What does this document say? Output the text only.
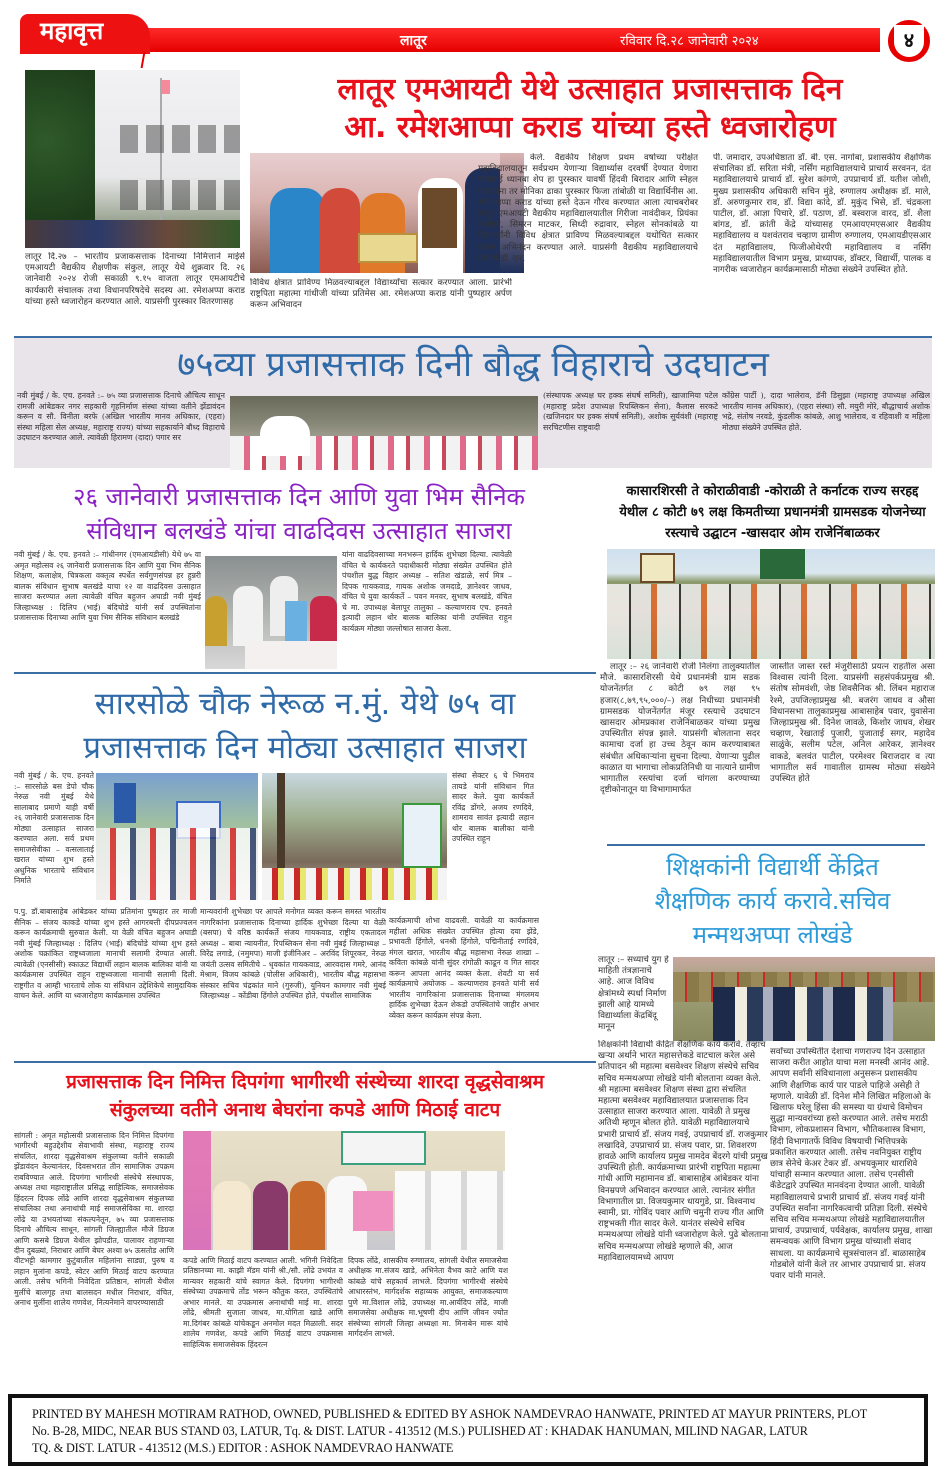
महावृत्त	लातूर	रविवार दि.२८ जानेवारी २०२४	४
लातूर एमआयटी येथे उत्साहात प्रजासत्ताक दिन
आ. रमेशआप्पा कराड यांच्या हस्ते ध्वजारोहण
लातूर दि.२७ – भारतीय प्रजाकसत्ताक दिनाच्या निमित्ताने माईर्स एमआयटी वैद्यकीय शैक्षणीक संकुल, लातूर येथे शुक्रवार दि. २६ जानेवारी २०२४ रोजी सकाळी ९.१५ वाजता लातूर एमआयटीचे कार्यकारी संचालक तथा विधानपरिषदेचे सदस्य आ. रमेशअप्पा कराड यांच्या हस्ते ध्वजारोहन करण्यात आले. याप्रसंगी पुरस्कार वितरणासह
विविध क्षेत्रात प्राविण्य मिळवल्याबद्दल विद्यार्थ्यांचा सत्कार करण्यात आला. प्रारंभी राष्ट्रपिता महात्मा गांधीजी यांच्या प्रतिमेस आ. रमेशअप्पा कराड यांनी पुष्पहार अर्पण करून अभिवादन
केले. वैद्यकीय शिक्षण प्रथम वर्षाच्या परीक्षेत महाविद्यालयातून सर्वप्रथम येणाऱ्या विद्यार्थ्यास दरवर्षी देण्यात येणारा जनाबाई ध्यानबा शेप हा पुरस्कार यावर्षी हिंदवी बिरादार आणि स्नेहल फड यांना तर मोनिका ढाका पुरस्कार फिजा तांबोळी या विद्यार्थिनीस आ. रमेशआप्पा कराड यांच्या हस्ते देऊन गौरव करण्यात आला त्याचबरोबर लातूर एमआयटी वैद्यकीय महाविद्यालयातील गिरीजा नावंदीकर, प्रियंका मल्होत्रा, सिमरन माटकर, सिध्दी रुद्रावार, स्नेहल सोनकांबळे या विद्यार्थ्यांनी विविध क्षेत्रात प्राविण्य मिळवल्याबद्दल यथोचित सत्कार करून अभिनंदन करण्यात आले. याप्रसंगी वैद्यकीय महाविद्यालयाचे प्राचार्य डॉ. एन.
पी. जमादार, उपअधिष्ठाता डॉ. बी. एस. नागोबा, प्रशासकीय शैक्षणिक संचालिका डॉ. सरिता मंत्री, नर्सिंग महाविद्यालयाचे प्राचार्य सरवनन, दंत महाविद्यालयाचे प्राचार्य डॉ. सुरेश कांगणे, उपप्राचार्य डॉ. यतीश जोशी, मुख्य प्रशासकीय अधिकारी सचिन मुंडे, रुग्णालय अधीक्षक डॉ. माले, डॉ. अरुणकुमार राव, डॉ. विद्या कांदे, डॉ. मुकुंद भिसे, डॉ. चंद्रकला पाटील, डॉ. आज्ञा पिचारे, डॉ. पठाण, डॉ. बस्वराज वारद, डॉ. शैला बांगड, डॉ. क्रांती केंद्रे यांच्यासह एमआयएमएसआर वैद्यकीय महाविद्यालय व यशवंतराव चव्हाण ग्रामीण रुग्णालय, एमआयडीएसआर दंत महाविद्यालय, फिजीओथेरपी महाविद्यालय व नर्सिंग महाविद्यालयातील विभाग प्रमुख, प्राध्यापक, डॉक्टर, विद्यार्थी, पालक व नागरीक ध्वजारोहन कार्यक्रमासाठी मोठ्या संख्येने उपस्थित होते.
७५व्या प्रजासत्ताक दिनी बौद्ध विहाराचे उदघाटन
नवी मुंबई / के. एच. हनवते :– ७५ व्या प्रजासत्ताक दिनाचे औचित्य साधून रामजी आंबेडकर नगर सहकारी गृहनिर्माण संस्था यांच्या वतीने झेंडावंदन करून व सौ. विनीता बरफे (अखिल भारतीय मानव अधिकार, (एहरा) संस्था महिला सेल अध्यक्ष, महाराष्ट्र राज्य) यांच्या सहकार्याने बौध्द विहाराचे उदघाटन करण्यात आले. त्यावेळी हिरामण (दादा) पगार सर
(संस्थापक अध्यक्ष घर हक्क संघर्ष समिती), खाजामिया पटेल (महाराष्ट्र प्रदेश उपाध्यक्ष रिपब्लिकन सेना), कैलास सरकटे (खजिनदार घर हक्क संघर्ष समिती), अशोक सुर्यवंशी (महाराष्ट्र सरचिटणीस राष्ट्रवादी
कॉंग्रेस पार्टी ), दादा भालेराव, डॅनी डिसुझा (महाराष्ट्र उपाध्यक्ष अखिल भारतीय मानव अधिकार), (एहरा संस्था) सौ. मयुरी मोरे, बौद्धाचार्य अशोक भद्रे, संतोष नरवडे, कुंडलीक कांबळे, आशु भालेराव, व रहिवाशी व महिला मोठ्या संख्येने उपस्थित होते.
२६ जानेवारी प्रजासत्ताक दिन आणि युवा भिम सैनिक
संविधान बलखंडे यांचा वाढदिवस उत्साहात साजरा
नवी मुंबई / के. एच. हनवते :– गांधीनगर (एमआयडीसी) येथे ७५ वा अमृत महोत्सव २६ जानेवारी प्रजासत्ताक दिन आणि युवा भिम सैनिक शिक्षण, कलाक्षेत्र, चित्रकला वक्तृत्व स्पर्धेत सर्वगुणसंपन्न हर हुन्नरी बालक संविधान सुभाष बलखंडे याचा १२ वा वाढदिवस उत्साहात साजरा करण्यात अला त्यावेळी वंचित बहुजन अघाडी नवी मुंबई जिल्हाध्यक्ष : दिलिप (भाई) बंदिचोडे यांनी सर्व उपस्थितांना प्रजासत्ताक दिनाच्या आणि युवा भिम सैनिक संविधान बलखंडे
यांना वाढदिवसाच्या मनभरून हार्दिक शुभेच्छा दिल्या. त्यावेळी वंचित चे कार्यकरते पदाधीकारी मोठ्या संख्येत उपस्थित होते पंचशील बुद्ध विहार अध्यक्ष – सतिश खंडाळे, सर्प मित्र – दिपक गायकवाड, गायक अशोक जमदाडे, ज्ञानेश्वर जाधव, वंचित चे युवा कार्यकर्ते – पवन मनवर, सुभाष बलखंडे, वंचित चे मा. उपाध्यक्ष बेलापूर तालुका – कल्याणराव एच. हनवते इत्यादी लहान थोर बालक बालिका यांनी उपस्थित राहून कार्यक्रम मोठ्या जल्लोषात साजरा केला.
कासारशिरसी ते कोराळीवाडी -कोराळी ते कर्नाटक राज्य सरहद्द
येथील ८ कोटी ७९ लक्ष किमतीच्या प्रधानमंत्री ग्रामसडक योजनेच्या
रस्त्याचे उद्घाटन -खासदार ओम राजेनिंबाळकर
लातूर :– २६ जानेवारी रोजी निलंगा तालुक्यातील मौजे. कासारशिरसी येथे प्रधानमंत्री ग्राम सडक योजनेंतर्गत ८ कोटी ७९ लक्ष ९५ हजार(८,७९,९५,०००/–) लक्ष निधीच्या प्रधानमंत्री ग्रामसडक योजनेंतर्गत मंजूर रस्त्याचे उदघाटन खासदार ओमप्रकाश राजेनिंबाळकर यांच्या प्रमुख उपस्थितीत संपन्न झाले. याप्रसंगी बोलताना सदर कामाचा दर्जा हा उच्च ठेवून काम करण्याबाबत संबंधीत अधिकाऱ्यांना सुचना दिल्या. येणाऱ्या पुढील काळात या भागाचा लोकप्रतिनिधी या नात्याने ग्रामीण भागातील रस्त्यांचा दर्जा चांगला करण्याच्या दृष्टीकोनातून या विभागामार्फत
जास्तीत जास्त रस्ते मंजुरीसाठी प्रयत्न राहतील असा विश्वास त्यांनी दिला. याप्रसंगी सहसंपर्कप्रमुख श्री. संतोष सोमवंशी, जेष्ठ शिवसैनिक श्री. लिंबन महाराज रेश्मे, उपजिल्हाप्रमुख श्री. बजरंग जाधव व औसा विधानसभा तालुकाप्रमुख आबासाहेब पवार, युवासेना जिल्हाप्रमुख श्री. दिनेश जावळे, किशोर जाधव, शेखर चव्हाण, रेखाताई पुजारी, पुजाताई सगर, महादेव साळुंके, सलीम पटेल, अनिल आरेकर, ज्ञानेश्वर वाकडे, बलवंत पाटील, परमेश्वर बिराजदार व त्या भागातील सर्व गावातील ग्रामस्थ मोठ्या संख्येने उपस्थित होते
सारसोळे चौक नेरूळ न.मुं. येथे ७५ वा
प्रजासत्ताक दिन मोठ्या उत्साहात साजरा
नवी मुंबई / के. एच. हनवते :– सारसोळे बस डेपो चौक नेरुळ नवी मुंबई येथे सालाबाद प्रमाणे याही वर्षी २६ जानेवारी प्रजासत्ताक दिन मोठ्या उत्साहात साजरा करण्यात अला. सर्व प्रथम समाजसेवीका – वत्सलाताई खरात यांच्या शुभ हस्ते अधुनिक भारताचे संविधान निर्माते
संस्था सेक्टर ६ चे भिमराव तायडे यांनी संविधान गित सादर केले. युवा कार्यकर्ते रविंद्र डोंगरे, अजय रणदिवे, शामराव सावंत इत्यादी लहान थोर बालक बालीका यांनी उपस्थित राहून
प.पु. डॉ.बाबासाहेब आंबेडकर यांच्या प्रतिमांना पुष्पहार तर माजी सैनिक – संजय काकडे यांच्या शुभ हस्ते आगरबत्ती दीपप्रज्वलन करून कार्यक्रमाची सुरुवात केली. या वेळी वंचित बहुजन अघाडी नवी मुंबई जिल्हाध्यक्ष : दिलिप (भाई) बंदिचोडे यांच्या शुभ हस्ते अशोक चक्रांकित राष्ट्रध्वजाला मानाची सलामी देण्यात आली. त्यावेळी (एनसीसी) स्काऊट विद्यार्थी लहान बालक बालिका यांनी या कार्यक्रमास उपस्थित राहून राष्ट्रध्वजाला मानाची सलामी दिली. राष्ट्रगीत व आम्ही भारताचे लोक या संविधान उद्देशिकेचे सामुदायिक वाचन केले. आणि या ध्वजारोहण कार्यक्रमास उपस्थित
मान्यवरांनी शुभेच्छा पर आपले मनोगत व्यक्त करून समस्त भारतीय नागरिकांना प्रजासत्ताक दिनाच्या हार्दिक शुभेच्छा दिल्या या वेळी (बसपा) चे वरिष्ठ कार्यकर्ते संजय गायकवाड, राष्ट्रीय एकतादल अध्यक्ष – बाबा न्यायनीत, रिपब्लिकन सेना नवी मुंबई जिल्हाध्यक्ष – विरेंद्र लगाडे, (नमुमपा) माजी इंजीनिअर – अरविंद शिपूरकर, नेरुळ जयंती उत्सव समितीचे – धृवकांत गायकवाड, आरवदास गमरे, आनंद मेश्राम, विजय कांबळे (पोलीस अधिकारी), भारतीय बौद्ध महासभा संस्कार सचिव चंद्रकांत माने (गुरुजी), युनियन कामगार नवी मुंबई जिल्हाध्यक्ष – कोंडीबा हिंगोले उपस्थित होते, पंचशील सामाजिक
कार्यक्रमाची शोभा वाढवली. यावेळी या कार्यक्रमास महीलां अधिक संख्येत उपस्थित होत्या दया झेंडे, प्रभावती हिंगोले, धनश्री हिंगोले, पद्मिनीताई रणदिवे, मंगल खरात, भारतीय बौद्ध महासभा नेरुळ शाखा – कविता कांबळे यांनी सुंदर रांगोळी काढून व गित सादर करून आपला आनंद व्यक्त केला. शेवटी या सर्व कार्यक्रमाचे अयोजक – कल्याणराव हनवते यांनी सर्व भारतीय नागरिकांना प्रजासत्ताक दिनाच्या मंगलमय हार्दिक शुभेच्छा देऊन शेकडो उपस्थितांचे जाहीर अभार व्येक्त करून कार्यक्रम संपन्न केला.
शिक्षकांनी विद्यार्थी केंद्रित
शैक्षणिक कार्य करावे.सचिव
मन्मथअप्पा लोखंडे
लातूर :– सध्याचे युग हे माहिती तंत्रज्ञानाचे आहे. आज विविध क्षेत्रांमध्ये स्पर्धा निर्माण झाली आहे यामध्ये विद्यार्थ्याला केंद्रबिंदू मानून
शिक्षकांनी विद्यार्थी केंद्रित शैक्षणिक कार्य करावे. तेव्हाच खऱ्या अर्थाने भारत महासत्तेकडे वाटचाल करेल असे प्रतिपादन श्री महात्मा बसवेश्वर शिक्षण संस्थेचे सचिव सचिव मन्मथअप्पा लोखंडे यांनी बोलताना व्यक्त केले. श्री महात्मा बसवेश्वर शिक्षण संस्था द्वारा संचलित महात्मा बसवेश्वर महाविद्यालयात प्रजासत्ताक दिन उत्साहात साजरा करण्यात आला. यावेळी ते प्रमुख अतिथी म्हणून बोलत होते. यावेळी महाविद्यालयाचे प्रभारी प्राचार्य डॉ. संजय गवई, उपप्राचार्य डॉ. राजकुमार लखादिवे, उपप्राचार्य प्रा. संजय पवार, प्रा. शिवशरण हावळे आणि कार्यालय प्रमुख नामदेव बेंदरगे यांची प्रमुख उपस्थिती होती. कार्यक्रमाच्या प्रारंभी राष्ट्रपिता महात्मा गांधी आणि महामानव डॉ. बाबासाहेब आंबेडकर यांना विनम्रपणे अभिवादन करण्यात आले. त्यानंतर संगीत विभागातील प्रा. विजयकुमार धायगुडे, प्रा. विश्वनाथ स्वामी, प्रा. गोविंद पवार आणि चमुनी राज्य गीत आणि राष्ट्रभक्ती गीत सादर केले. यानंतर संस्थेचे सचिव मन्मथअप्पा लोखंडे यांनी ध्वजारोहण केले. पुढे बोलताना सचिव मन्मथअप्पा लोखंडे म्हणाले की, आज महाविद्यालयामध्ये आपण
सर्वांच्या उपस्थितीत देशाचा गणराज्य दिन उत्साहात साजरा करीत आहोत याचा मला मनस्वी आनंद आहे. आपण सर्वांनी संविधानाला अनुसरून प्रशासकीय आणि शैक्षणिक कार्य पार पाडले पाहिजे असेही ते म्हणाले. यावेळी डॉ. दिनेश मौने लिखित महिलाओ के खिलाफ घरेलू हिंसा की समस्या या ग्रंथाचे विमोचन सुद्धा मान्यवरांच्या हस्ते करण्यात आले. तसेच मराठी विभाग, लोकप्रशासन विभाग, भौतिकशास्त्र विभाग, हिंदी विभागातर्फे विविध विषयाची भित्तिपत्रके प्रकाशित करण्यात आली. तसेच नवनियुक्त राष्ट्रीय छात्र सेनेचे केअर टेकर डॉ. अभयकुमार धाराशिवे यांचाही सन्मान करण्यात आला. तसेच एनसीसी कॅडेटद्वारे उपस्थित मानवंदना देण्यात आली. यावेळी महाविद्यालयाचे प्रभारी प्राचार्य डॉ. संजय गवई यांनी उपस्थित सर्वांना नागरिकत्वाची प्रतिज्ञा दिली. संस्थेचे सचिव सचिव मन्मथअप्पा लोखंडे महाविद्यालयातील प्राचार्य, उपप्राचार्य, पर्यवेक्षक, कार्यालय प्रमुख, शाखा समन्वयक आणि विभाग प्रमुख यांच्याशी संवाद साधला. या कार्यक्रमाचे सूत्रसंचालन डॉ. बाळासाहेब गोडबोले यांनी केले तर आभार उपप्राचार्य प्रा. संजय पवार यांनी मानले.
प्रजासत्ताक दिन निमित्त दिपगंगा भागीरथी संस्थेच्या शारदा वृद्धसेवाश्रम
संकुलच्या वतीने अनाथ बेघरांना कपडे आणि मिठाई वाटप
सांगली : अमृत महोत्सवी प्रजासत्ताक दिन निमित्त दिपगंगा भागीरथी बहुउद्देशीय सेवाभावी संस्था, महाराष्ट्र राज्य संचलित, शारदा वृद्धसेवाश्रम संकुलच्या वतीने सकाळी झेंडावंदन केल्यानंतर, दिवसभरात तीन सामाजिक उपक्रम राबविण्यात आले. दिपगंगा भागीरथी संस्थेचे संस्थापक, अध्यक्ष तथा महाराष्ट्रातील प्रसिद्ध साहित्यिक, समाजसेवक हिंदरत्न दिपक लोंढे आणि शारदा वृद्धसेवाश्रम संकुलच्या संचालिका तथा अनाथांची माई समाजसेविका मा. शारदा लोंढे या उभयतांच्या संकल्पनेतून, ७५ व्या प्रजासत्ताक दिनाचे औचित्य साधून, सांगली जिल्ह्यातील मौजे डिग्रज आणि कसबे डिग्रज येथील झोपडीत, पालावर राहणाऱ्या दीन दुबळ्यां, निराधार आणि बेघर अश्या ७५ ऊसतोड आणि वीटभट्टी कामगार कुटुंबातील महिलांना साड्या, पुरुष व लहान मुलांना कपडे, स्वेटर आणि मिठाई वाटप करण्यात आली. तसेच भगिनी निवेदिता प्रतिष्ठान, सांगली येथील मुलींचे बालगृह तथा बालसदन मधील निराधार, वंचित, अनाथ मुलींना शालेय गणवेश, नित्यनेमाने वापरण्यासाठी
कपडे आणि मिठाई वाटप करण्यात आली. भगिनी निवेदिता प्रतिष्ठानच्या मा. काझी मॅडम यांनी श्री./सौ. लोंढे उभयंत व मान्यवर सहकारी यांचे स्वागत केले. दिपगंगा भागीरथी संस्थेच्या उपक्रमाचे तोंड भरून कौतुक करत, उपस्थितांचे अभार मानले. या उपक्रमास अनाथांची माई मा. शारदा लोंढे, श्रीमती सुजाता जाधव, मा.योगिता खाडे आणि मा.दिगंबर कांबळे यांचेकडून अनमोल मदत मिळाली. सदर शालेय गणवेश, कपडे आणि मिठाई वाटप उपक्रमास साहित्यिक समाजसेवक हिंदरत्न
दिपक लोंढे, शासकीय रुग्णालय, सांगली येथील समाजसेवा अधीक्षक मा.संजय खाडे, अभिनेता वैभव काटे आणि यश कांबळे यांचे सहकार्य लाभले. दिपगंगा भागीरथी संस्थेचे आधारस्तंभ, मार्गदर्शक सहाय्यक आयुक्त, समाजकल्याण पुणे मा.विशाल लोंढे, उपाध्यक्ष मा.आर्यदिप लोंढे, माजी समाजसेवा अधीक्षक मा.भूषणी दीप आणि जीवन ज्योत संस्थेच्या सांगली जिल्हा अध्यक्षा मा. मिनाबेन मारू यांचे मार्गदर्शन लाभले.
PRINTED BY MAHESH MOTIRAM RATHOD, OWNED, PUBLISHED & EDITED BY ASHOK NAMDEVRAO HANWATE, PRINTED AT MAYUR PRINTERS, PLOT
No. B-28, MIDC, NEAR BUS STAND 03, LATUR, Tq. & DIST. LATUR - 413512 (M.S.) PULISHED AT : KHADAK HANUMAN, MILIND NAGAR, LATUR
TQ. & DIST. LATUR - 413512 (M.S.) EDITOR : ASHOK NAMDEVRAO HANWATE
